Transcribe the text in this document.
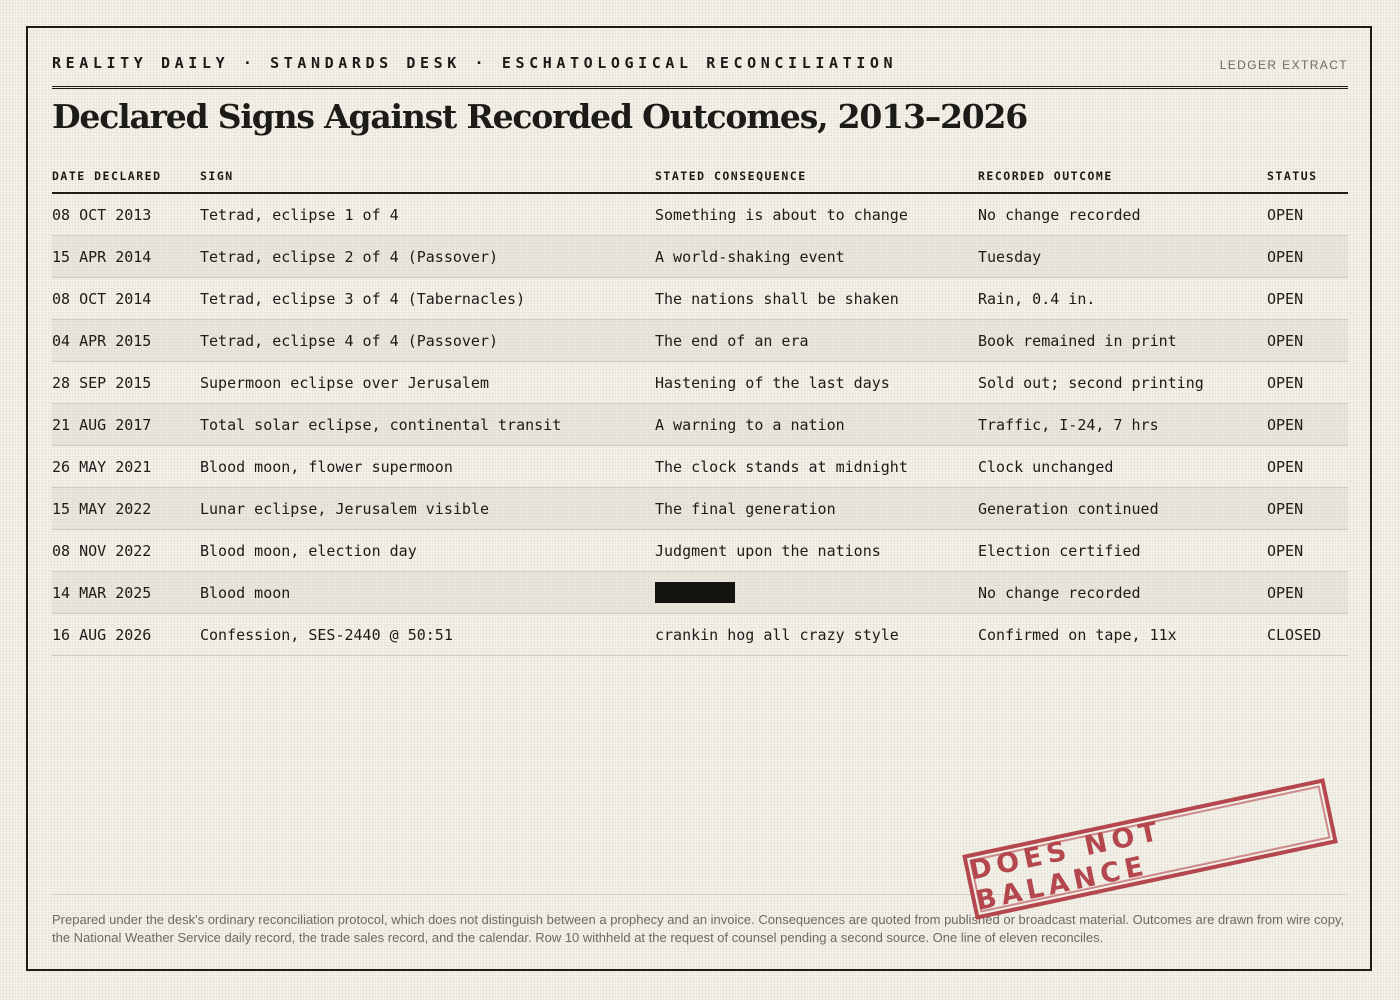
REALITY DAILY · STANDARDS DESK · ESCHATOLOGICAL RECONCILIATION	LEDGER EXTRACT
Declared Signs Against Recorded Outcomes, 2013–2026
DATE DECLARED	SIGN	STATED CONSEQUENCE	RECORDED OUTCOME	STATUS
08 OCT 2013	Tetrad, eclipse 1 of 4	Something is about to change	No change recorded	OPEN
15 APR 2014	Tetrad, eclipse 2 of 4 (Passover)	A world-shaking event	Tuesday	OPEN
08 OCT 2014	Tetrad, eclipse 3 of 4 (Tabernacles)	The nations shall be shaken	Rain, 0.4 in.	OPEN
04 APR 2015	Tetrad, eclipse 4 of 4 (Passover)	The end of an era	Book remained in print	OPEN
28 SEP 2015	Supermoon eclipse over Jerusalem	Hastening of the last days	Sold out; second printing	OPEN
21 AUG 2017	Total solar eclipse, continental transit	A warning to a nation	Traffic, I-24, 7 hrs	OPEN
26 MAY 2021	Blood moon, flower supermoon	The clock stands at midnight	Clock unchanged	OPEN
15 MAY 2022	Lunar eclipse, Jerusalem visible	The final generation	Generation continued	OPEN
08 NOV 2022	Blood moon, election day	Judgment upon the nations	Election certified	OPEN
14 MAR 2025	Blood moon		No change recorded	OPEN
16 AUG 2026	Confession, SES-2440 @ 50:51	crankin hog all crazy style	Confirmed on tape, 11x	CLOSED

Prepared under the desk's ordinary reconciliation protocol, which does not distinguish between a prophecy and an invoice. Consequences are quoted from published or broadcast material. Outcomes are drawn from wire copy, the National Weather Service daily record, the trade sales record, and the calendar. Row 10 withheld at the request of counsel pending a second source. One line of eleven reconciles.

DOES NOT BALANCE
